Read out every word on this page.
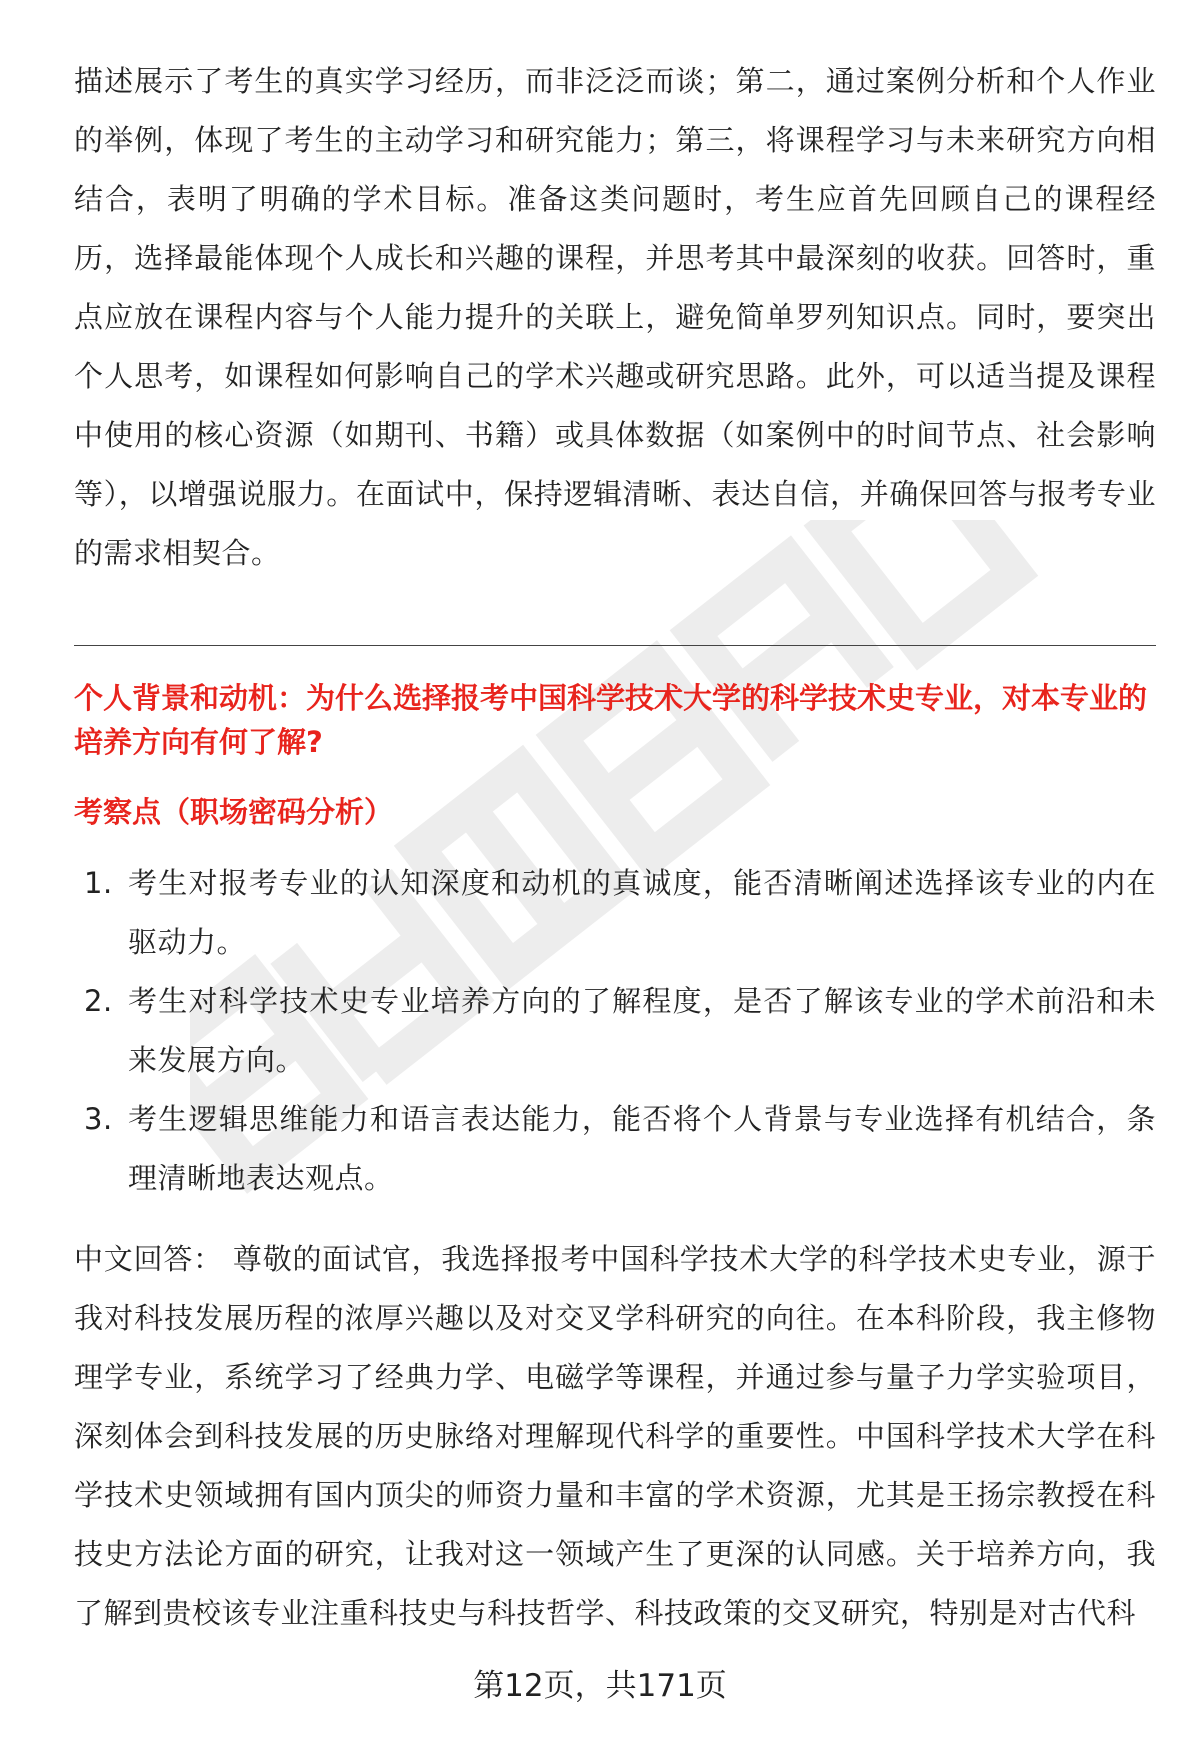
描述展示了考生的真实学习经历，而非泛泛而谈；第二，通过案例分析和个人作业的举例，体现了考生的主动学习和研究能力；第三，将课程学习与未来研究方向相结合，表明了明确的学术目标。准备这类问题时，考生应首先回顾自己的课程经历，选择最能体现个人成长和兴趣的课程，并思考其中最深刻的收获。回答时，重点应放在课程内容与个人能力提升的关联上，避免简单罗列知识点。同时，要突出个人思考，如课程如何影响自己的学术兴趣或研究思路。此外，可以适当提及课程中使用的核心资源（如期刊、书籍）或具体数据（如案例中的时间节点、社会影响等），以增强说服力。在面试中，保持逻辑清晰、表达自信，并确保回答与报考专业的需求相契合。

个人背景和动机：为什么选择报考中国科学技术大学的科学技术史专业，对本专业的培养方向有何了解?

考察点（职场密码分析）

1. 考生对报考专业的认知深度和动机的真诚度，能否清晰阐述选择该专业的内在驱动力。
2. 考生对科学技术史专业培养方向的了解程度，是否了解该专业的学术前沿和未来发展方向。
3. 考生逻辑思维能力和语言表达能力，能否将个人背景与专业选择有机结合，条理清晰地表达观点。

中文回答： 尊敬的面试官，我选择报考中国科学技术大学的科学技术史专业，源于我对科技发展历程的浓厚兴趣以及对交叉学科研究的向往。在本科阶段，我主修物理学专业，系统学习了经典力学、电磁学等课程，并通过参与量子力学实验项目，深刻体会到科技发展的历史脉络对理解现代科学的重要性。中国科学技术大学在科学技术史领域拥有国内顶尖的师资力量和丰富的学术资源，尤其是王扬宗教授在科技史方法论方面的研究，让我对这一领域产生了更深的认同感。关于培养方向，我了解到贵校该专业注重科技史与科技哲学、科技政策的交叉研究，特别是对古代科

第12页，共171页
